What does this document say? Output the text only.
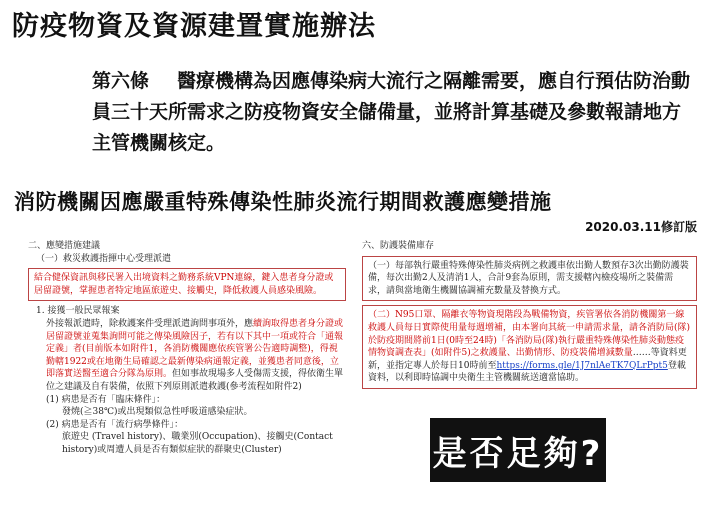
防疫物資及資源建置實施辦法
第六條 醫療機構為因應傳染病大流行之隔離需要，應自行預估防治動員三十天所需求之防疫物資安全儲備量，並將計算基礎及參數報請地方主管機關核定。
消防機關因應嚴重特殊傳染性肺炎流行期間救護應變措施
2020.03.11修訂版

二、應變措施建議

（一）救災救護指揮中心受理派遣

結合健保資訊與移民署入出境資料之勤務系統VPN連線，鍵入患者身分證或居留證號，掌握患者特定地區旅遊史、接觸史，降低救護人員感染風險。

1. 接獲一般民眾報案

外接報派遣時，除救護案件受理派遣詢問事項外，應續詢取得患者身分證或居留證號並蒐集詢問可能之傳染風險因子，若有以下其中一項或符合「通報定義」者(目前版本如附件1，各消防機關應依疾管署公告適時調整)，得視勤轄1922或在地衛生局確認之最新傳染病通報定義，並獲患者同意後，立即落實送醫至適合分隊為原則。但如事故現場多人受傷需支援，得依衛生單位之建議及自有裝備，依照下列原則派遣救護(參考流程如附件2)

(1) 病患是否有「臨床條件」：

發燒(≧38℃)或出現類似急性呼吸道感染症狀。

(2) 病患是否有「流行病學條件」：

旅遊史 (Travel history)、職業別(Occupation)、接觸史(Contact history)或周遭人員是否有類似症狀的群聚史(Cluster)

六、防護裝備庫存

（一）每部執行嚴重特殊傳染性肺炎病例之救護車依出勤人數預存3次出勤防護裝備，每次出勤2人及清消1人，合計9套為原則，需支援轄內檢疫場所之裝備需求，請與當地衛生機關協調補充數量及替換方式。
（二）N95口罩、隔離衣等物資現階段為戰備物資，疾管署依各消防機關第一線救護人員每日實際使用量每週增補，由本署向其統一申請需求量，請各消防局(隊)於防疫期間將前1日(0時至24時)「各消防局(隊)執行嚴重特殊傳染性肺炎動態疫情物資調查表」(如附件5)之救護量、出勤情形、防疫裝備增減數量……等資料更新，並指定專人於每日10時前至https://forms.gle/1J7nlAeTK7QLrPpt5登載資料，以利即時協調中央衛生主管機關統送適當協助。
是否足夠?
